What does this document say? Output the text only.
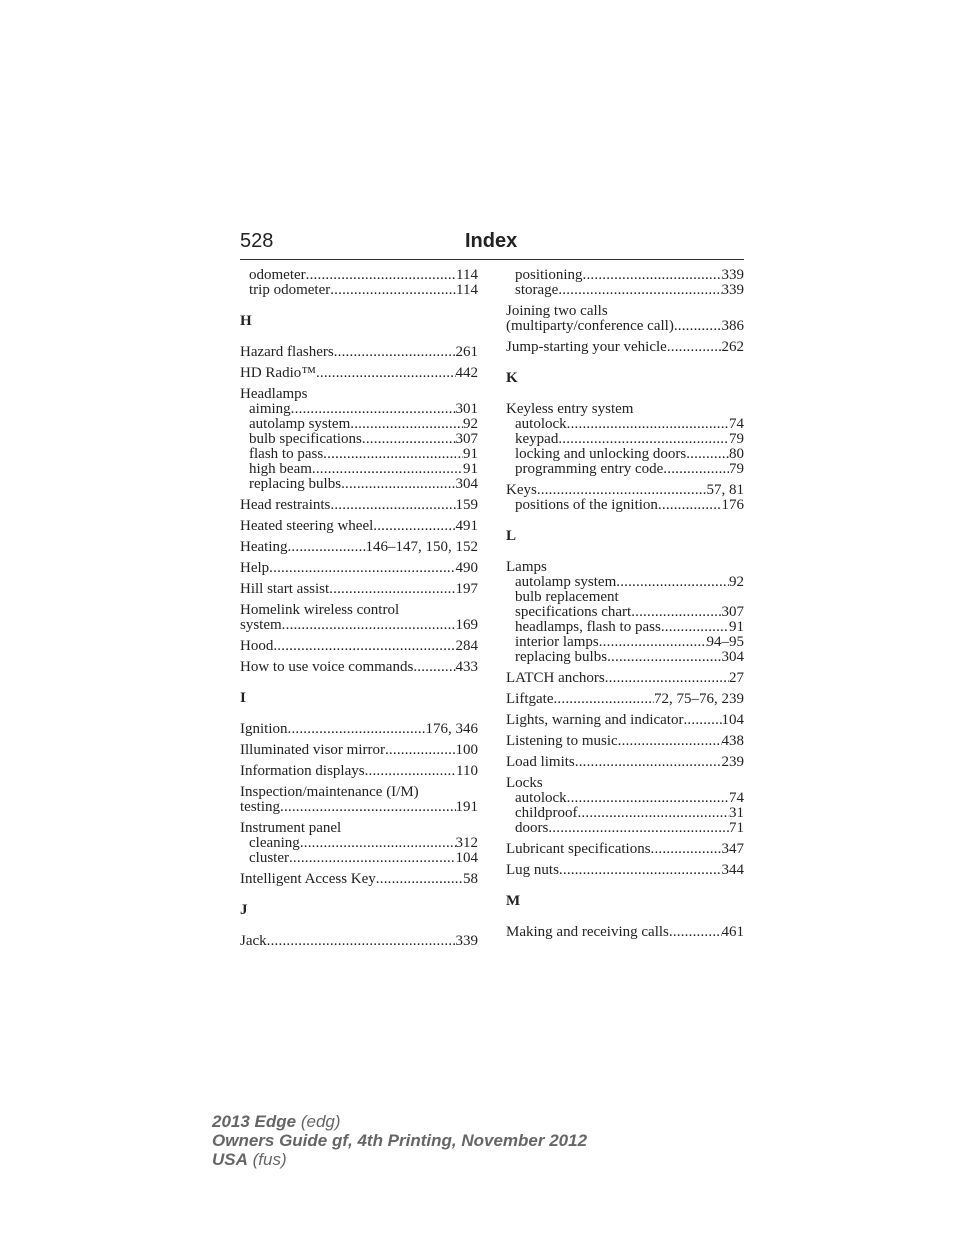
528	Index
odometer .....	114
trip odometer .....	114
H
Hazard flashers .....	261
HD Radio™ .....	442
Headlamps
aiming .....	301
autolamp system .....	92
bulb specifications .....	307
flash to pass .....	91
high beam .....	91
replacing bulbs .....	304
Head restraints .....	159
Heated steering wheel .....	491
Heating .....	146–147, 150, 152
Help .....	490
Hill start assist .....	197
Homelink wireless control
system .....	169
Hood .....	284
How to use voice commands .....	433
I
Ignition .....	176, 346
Illuminated visor mirror .....	100
Information displays .....	110
Inspection/maintenance (I/M)
testing .....	191
Instrument panel
cleaning .....	312
cluster .....	104
Intelligent Access Key .....	58
J
Jack .....	339
positioning .....	339
storage .....	339
Joining two calls
(multiparty/conference call) .....	386
Jump-starting your vehicle .....	262
K
Keyless entry system
autolock .....	74
keypad .....	79
locking and unlocking doors .....	80
programming entry code .....	79
Keys .....	57, 81
positions of the ignition .....	176
L
Lamps
autolamp system .....	92
bulb replacement
specifications chart .....	307
headlamps, flash to pass .....	91
interior lamps .....	94–95
replacing bulbs .....	304
LATCH anchors .....	27
Liftgate .....	72, 75–76, 239
Lights, warning and indicator .....	104
Listening to music .....	438
Load limits .....	239
Locks
autolock .....	74
childproof .....	31
doors .....	71
Lubricant specifications .....	347
Lug nuts .....	344
M
Making and receiving calls .....	461
2013 Edge (edg)
Owners Guide gf, 4th Printing, November 2012
USA (fus)
